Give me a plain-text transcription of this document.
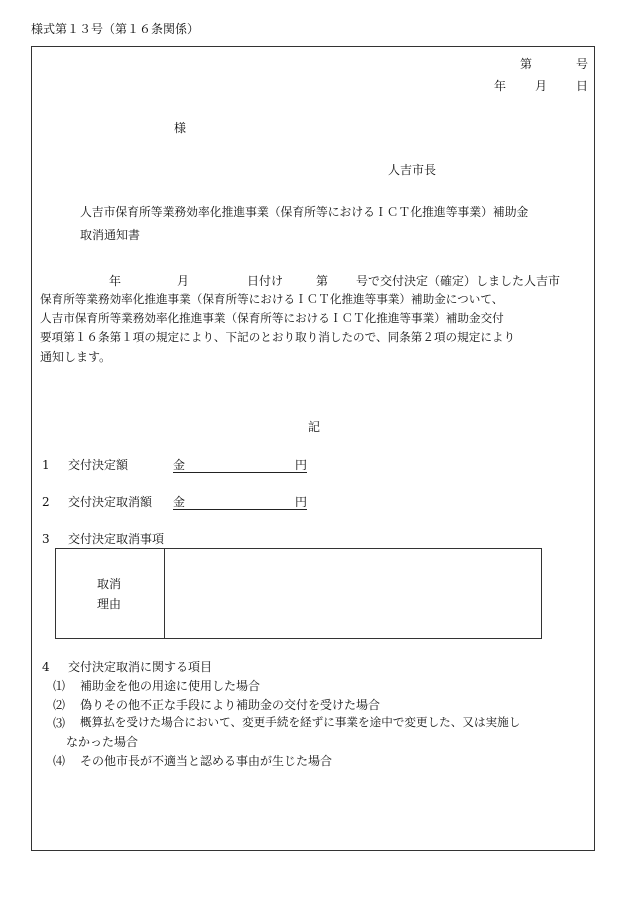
様式第１３号（第１６条関係）
第	号
年 月 日
様
人吉市長
人吉市保育所等業務効率化推進事業（保育所等におけるＩＣＴ化推進等事業）補助金
取消通知書
年	月	日付け	第 号で交付決定（確定）しました人吉市
保育所等業務効率化推進事業（保育所等におけるＩＣＴ化推進等事業）補助金について、
人吉市保育所等業務効率化推進事業（保育所等におけるＩＣＴ化推進等事業）補助金交付
要項第１６条第１項の規定により、下記のとおり取り消したので、同条第２項の規定により
通知します。
記
1 交付決定額	金	円
2 交付決定取消額 金	円
3 交付決定取消事項
取消
理由
4 交付決定取消に関する項目
⑴ 補助金を他の用途に使用した場合
⑵ 偽りその他不正な手段により補助金の交付を受けた場合
⑶ 概算払を受けた場合において、変更手続を経ずに事業を途中で変更した、又は実施し
なかった場合
⑷ その他市長が不適当と認める事由が生じた場合
